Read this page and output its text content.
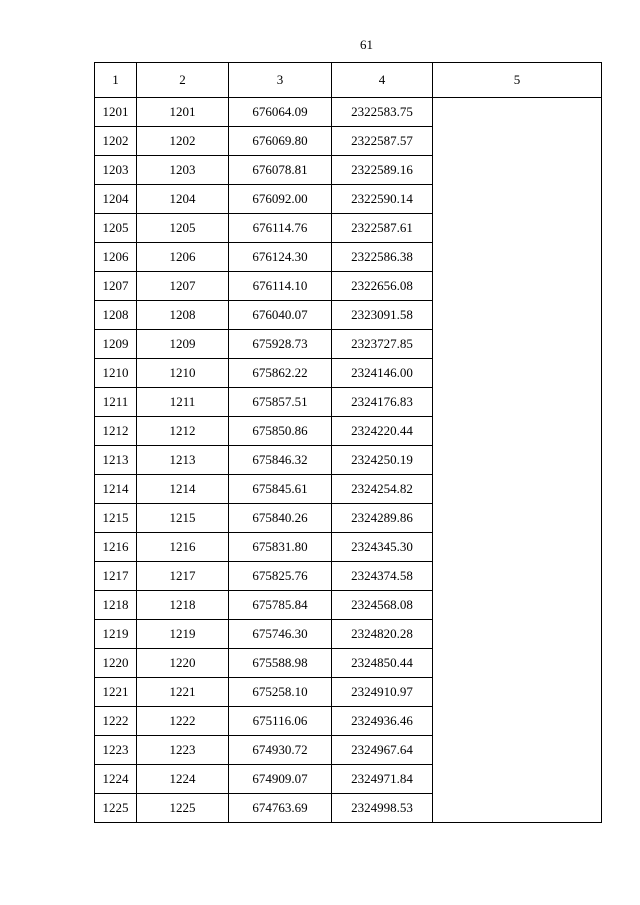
61
1	2	3	4	5
1201	1201	676064.09	2322583.75	
1202	1202	676069.80	2322587.57	
1203	1203	676078.81	2322589.16	
1204	1204	676092.00	2322590.14	
1205	1205	676114.76	2322587.61	
1206	1206	676124.30	2322586.38	
1207	1207	676114.10	2322656.08	
1208	1208	676040.07	2323091.58	
1209	1209	675928.73	2323727.85	
1210	1210	675862.22	2324146.00	
1211	1211	675857.51	2324176.83	
1212	1212	675850.86	2324220.44	
1213	1213	675846.32	2324250.19	
1214	1214	675845.61	2324254.82	
1215	1215	675840.26	2324289.86	
1216	1216	675831.80	2324345.30	
1217	1217	675825.76	2324374.58	
1218	1218	675785.84	2324568.08	
1219	1219	675746.30	2324820.28	
1220	1220	675588.98	2324850.44	
1221	1221	675258.10	2324910.97	
1222	1222	675116.06	2324936.46	
1223	1223	674930.72	2324967.64	
1224	1224	674909.07	2324971.84	
1225	1225	674763.69	2324998.53	
